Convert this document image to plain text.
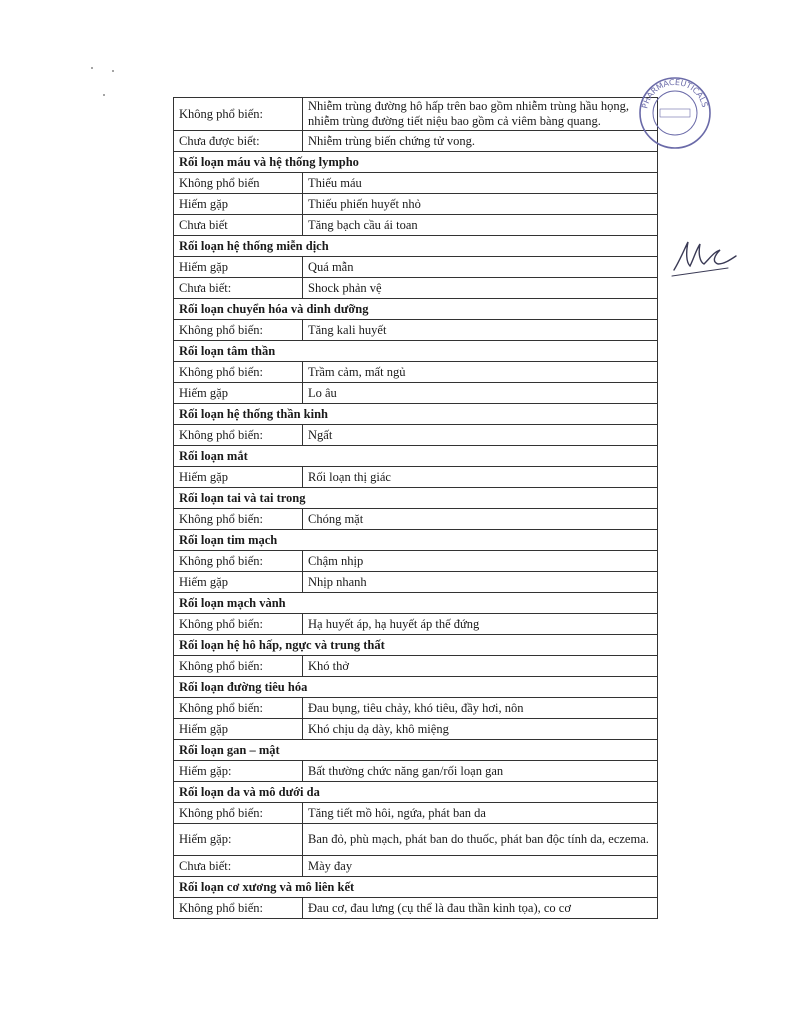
Không phổ biến:	Nhiễm trùng đường hô hấp trên bao gồm nhiễm trùng hầu họng, nhiễm trùng đường tiết niệu bao gồm cả viêm bàng quang.
Chưa được biết:	Nhiễm trùng biến chứng tử vong.
Rối loạn máu và hệ thống lympho	
Không phổ biến	Thiếu máu
Hiếm gặp	Thiếu phiến huyết nhỏ
Chưa biết	Tăng bạch cầu ái toan
Rối loạn hệ thống miễn dịch	
Hiếm gặp	Quá mẫn
Chưa biết:	Shock phản vệ
Rối loạn chuyển hóa và dinh dưỡng	
Không phổ biến:	Tăng kali huyết
Rối loạn tâm thần	
Không phổ biến:	Trầm cảm, mất ngủ
Hiếm gặp	Lo âu
Rối loạn hệ thống thần kinh	
Không phổ biến:	Ngất
Rối loạn mắt	
Hiếm gặp	Rối loạn thị giác
Rối loạn tai và tai trong	
Không phổ biến:	Chóng mặt
Rối loạn tim mạch	
Không phổ biến:	Chậm nhịp
Hiếm gặp	Nhịp nhanh
Rối loạn mạch vành	
Không phổ biến:	Hạ huyết áp, hạ huyết áp thế đứng
Rối loạn hệ hô hấp, ngực và trung thất	
Không phổ biến:	Khó thở
Rối loạn đường tiêu hóa	
Không phổ biến:	Đau bụng, tiêu chảy, khó tiêu, đầy hơi, nôn
Hiếm gặp	Khó chịu dạ dày, khô miệng
Rối loạn gan – mật	
Hiếm gặp:	Bất thường chức năng gan/rối loạn gan
Rối loạn da và mô dưới da	
Không phổ biến:	Tăng tiết mồ hôi, ngứa, phát ban da
Hiếm gặp:	Ban đỏ, phù mạch, phát ban do thuốc, phát ban độc tính da, eczema.
Chưa biết:	Mày đay
Rối loạn cơ xương và mô liên kết	
Không phổ biến:	Đau cơ, đau lưng (cụ thể là đau thần kinh tọa), co cơ
PHARMACEUTICALS
